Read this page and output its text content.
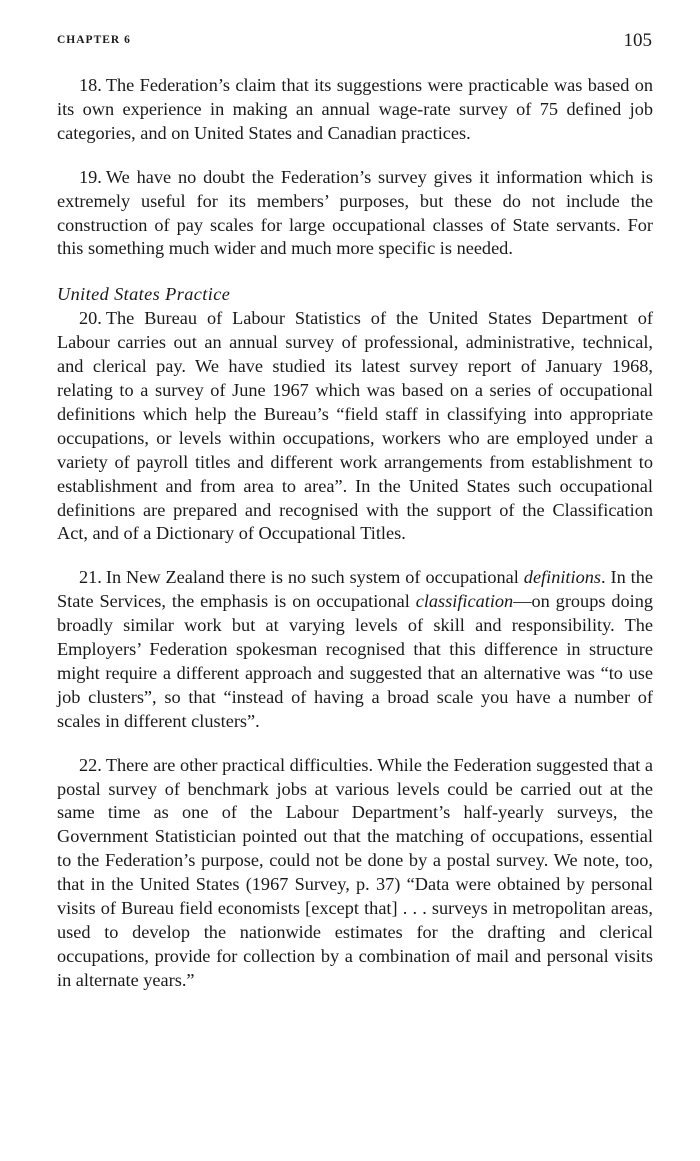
CHAPTER 6	105

18. The Federation’s claim that its suggestions were practicable was based on its own experience in making an annual wage-rate survey of 75 defined job categories, and on United States and Canadian practices.

19. We have no doubt the Federation’s survey gives it information which is extremely useful for its members’ purposes, but these do not include the construction of pay scales for large occupational classes of State servants. For this something much wider and much more specific is needed.

United States Practice

20. The Bureau of Labour Statistics of the United States Department of Labour carries out an annual survey of professional, administrative, technical, and clerical pay. We have studied its latest survey report of January 1968, relating to a survey of June 1967 which was based on a series of occupational definitions which help the Bureau’s “field staff in classifying into appropriate occupations, or levels within occupations, workers who are employed under a variety of payroll titles and different work arrangements from establishment to establishment and from area to area”. In the United States such occupational definitions are prepared and recognised with the support of the Classification Act, and of a Dictionary of Occupational Titles.

21. In New Zealand there is no such system of occupational definitions. In the State Services, the emphasis is on occupational classification—on groups doing broadly similar work but at varying levels of skill and responsibility. The Employers’ Federation spokesman recognised that this difference in structure might require a different approach and suggested that an alternative was “to use job clusters”, so that “instead of having a broad scale you have a number of scales in different clusters”.

22. There are other practical difficulties. While the Federation suggested that a postal survey of benchmark jobs at various levels could be carried out at the same time as one of the Labour Department’s half-yearly surveys, the Government Statistician pointed out that the matching of occupations, essential to the Federation’s purpose, could not be done by a postal survey. We note, too, that in the United States (1967 Survey, p. 37) “Data were obtained by personal visits of Bureau field economists [except that] . . . surveys in metropolitan areas, used to develop the nationwide estimates for the drafting and clerical occupations, provide for collection by a combination of mail and personal visits in alternate years.”
